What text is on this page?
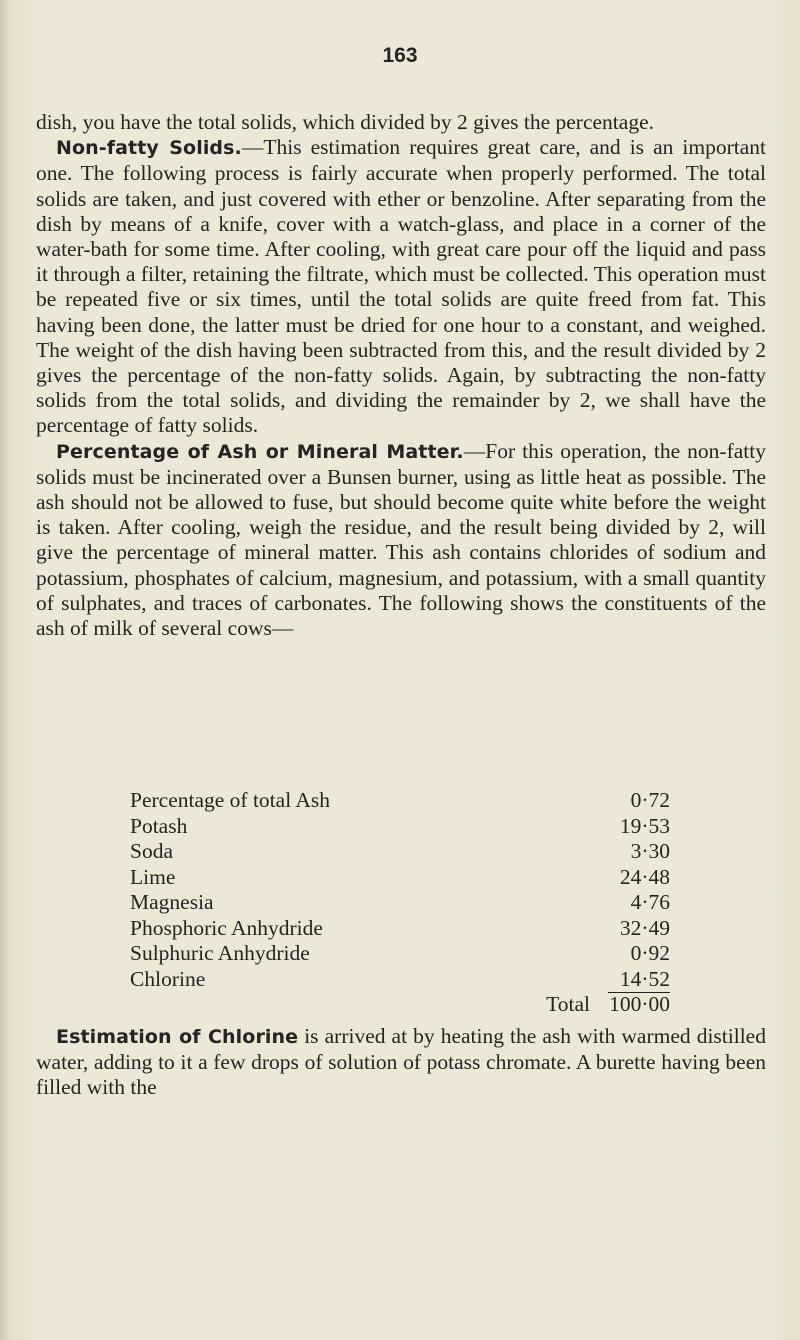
163

dish, you have the total solids, which divided by 2 gives the percentage.

Non-fatty Solids.—This estimation requires great care, and is an important one. The following process is fairly accurate when properly performed. The total solids are taken, and just covered with ether or benzoline. After separating from the dish by means of a knife, cover with a watch-glass, and place in a corner of the water-bath for some time. After cooling, with great care pour off the liquid and pass it through a filter, retaining the filtrate, which must be collected. This operation must be repeated five or six times, until the total solids are quite freed from fat. This having been done, the latter must be dried for one hour to a constant, and weighed. The weight of the dish having been subtracted from this, and the result divided by 2 gives the percentage of the non-fatty solids. Again, by subtracting the non-fatty solids from the total solids, and dividing the remainder by 2, we shall have the percentage of fatty solids.

Percentage of Ash or Mineral Matter.—For this operation, the non-fatty solids must be incinerated over a Bunsen burner, using as little heat as possible. The ash should not be allowed to fuse, but should become quite white before the weight is taken. After cooling, weigh the residue, and the result being divided by 2, will give the percentage of mineral matter. This ash contains chlorides of sodium and potassium, phosphates of calcium, magnesium, and potassium, with a small quantity of sulphates, and traces of carbonates. The following shows the constituents of the ash of milk of several cows—

Percentage of total Ash	0·72
Potash	19·53
Soda	3·30
Lime	24·48
Magnesia	4·76
Phosphoric Anhydride	32·49
Sulphuric Anhydride	0·92
Chlorine	14·52
Total 100·00

Estimation of Chlorine is arrived at by heating the ash with warmed distilled water, adding to it a few drops of solution of potass chromate. A burette having been filled with the
